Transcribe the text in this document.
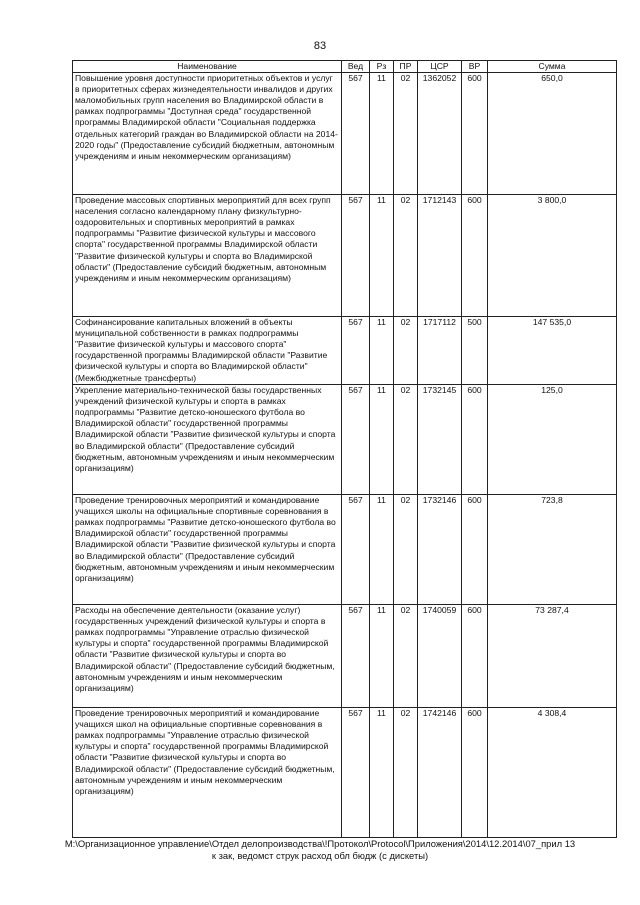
83
Наименование	Вед	Рз	ПР	ЦСР	ВР	Сумма
Повышение уровня доступности приоритетных объектов и услуг в приоритетных сферах жизнедеятельности инвалидов и других маломобильных групп населения во Владимирской области в рамках подпрограммы "Доступная среда" государственной программы Владимирской области "Социальная поддержка отдельных категорий граждан во Владимирской области на 2014-2020 годы" (Предоставление субсидий бюджетным, автономным учреждениям и иным некоммерческим организациям)	567	11	02	1362052	600	650,0
Проведение массовых спортивных мероприятий для всех групп населения согласно календарному плану физкультурно-оздоровительных и спортивных мероприятий в рамках подпрограммы "Развитие физической культуры и массового спорта" государственной программы Владимирской области "Развитие физической культуры и спорта во Владимирской области" (Предоставление субсидий бюджетным, автономным учреждениям и иным некоммерческим организациям)	567	11	02	1712143	600	3 800,0
Софинансирование капитальных вложений в объекты муниципальной собственности в рамках подпрограммы "Развитие физической культуры и массового спорта" государственной программы Владимирской области "Развитие физической культуры и спорта во Владимирской области" (Межбюджетные трансферты)	567	11	02	1717112	500	147 535,0
Укрепление материально-технической базы государственных учреждений физической культуры и спорта в рамках подпрограммы "Развитие детско-юношеского футбола во Владимирской области" государственной программы Владимирской области "Развитие физической культуры и спорта во Владимирской области" (Предоставление субсидий бюджетным, автономным учреждениям и иным некоммерческим организациям)	567	11	02	1732145	600	125,0
Проведение тренировочных мероприятий и командирование учащихся школы на официальные спортивные соревнования в рамках подпрограммы "Развитие детско-юношеского футбола во Владимирской области" государственной программы Владимирской области "Развитие физической культуры и спорта во Владимирской области" (Предоставление субсидий бюджетным, автономным учреждениям и иным некоммерческим организациям)	567	11	02	1732146	600	723,8
Расходы на обеспечение деятельности (оказание услуг) государственных учреждений физической культуры и спорта в рамках подпрограммы "Управление отраслью физической культуры и спорта" государственной программы Владимирской области "Развитие физической культуры и спорта во Владимирской области" (Предоставление субсидий бюджетным, автономным учреждениям и иным некоммерческим организациям)	567	11	02	1740059	600	73 287,4
Проведение тренировочных мероприятий и командирование учащихся школ на официальные спортивные соревнования в рамках подпрограммы "Управление отраслью физической культуры и спорта" государственной программы Владимирской области "Развитие физической культуры и спорта во Владимирской области" (Предоставление субсидий бюджетным, автономным учреждениям и иным некоммерческим организациям)	567	11	02	1742146	600	4 308,4
М:\Организационное управление\Отдел делопроизводства\!Протокол\Protocol\Приложения\2014\12.2014\07_прил 13
к зак, ведомст струк расход обл бюдж (с дискеты)
